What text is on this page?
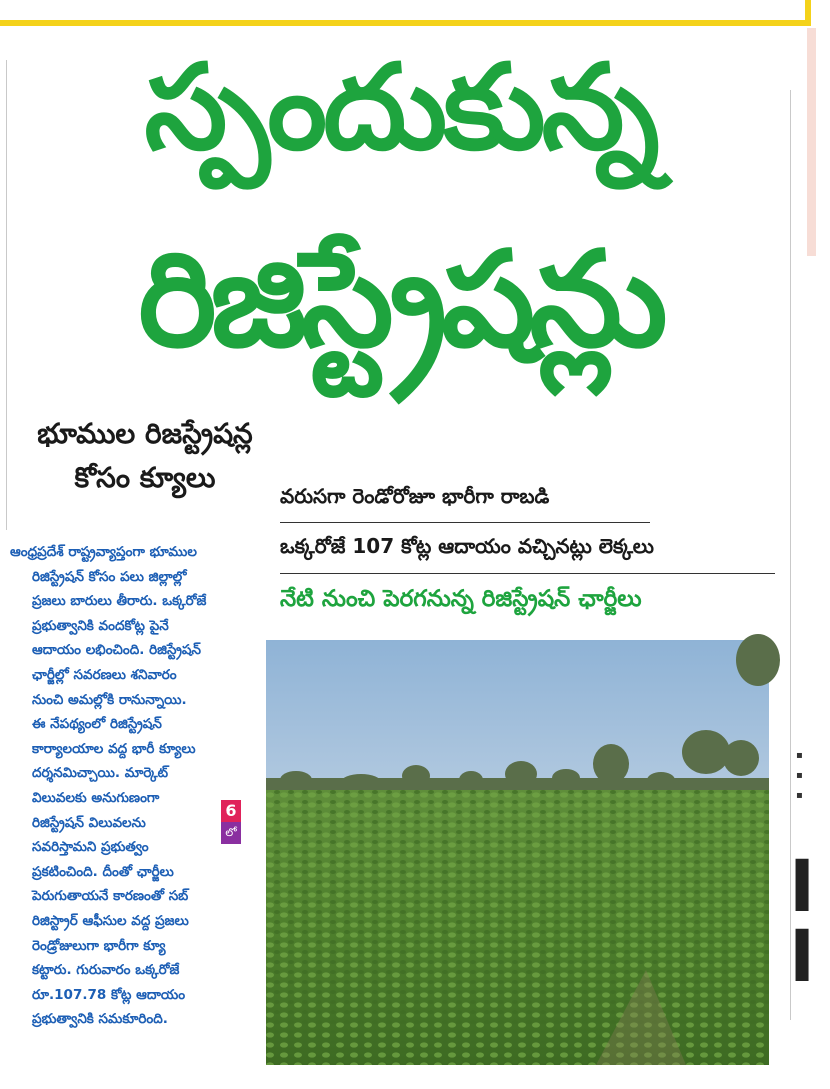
స్పందుకున్న
రిజిస్ట్రేషన్లు
భూముల రిజస్ట్రేషన్ల
కోసం క్యూలు
వరుసగా రెండోరోజూ భారీగా రాబడి
ఒక్కరోజే 107 కోట్ల ఆదాయం వచ్చినట్లు లెక్కలు
నేటి నుంచి పెరగనున్న రిజిస్ట్రేషన్ ఛార్జీలు

ఆంధ్రప్రదేశ్ రాష్ట్రవ్యాప్తంగా భూముల

రిజిస్ట్రేషన్ కోసం పలు జిల్లాల్లో

ప్రజలు బారులు తీరారు. ఒక్కరోజే

ప్రభుత్వానికి వందకోట్ల పైనే

ఆదాయం లభించింది. రిజిస్ట్రేషన్

ఛార్జీల్లో సవరణలు శనివారం

నుంచి అమల్లోకి రానున్నాయి.

ఈ నేపథ్యంలో రిజిస్ట్రేషన్

కార్యాలయాల వద్ద భారీ క్యూలు

దర్శనమిచ్చాయి. మార్కెట్

విలువలకు అనుగుణంగా

రిజిస్ట్రేషన్ విలువలను

సవరిస్తామని ప్రభుత్వం

ప్రకటించింది. దీంతో ఛార్జీలు

పెరుగుతాయనే కారణంతో సబ్

రిజిస్ట్రార్ ఆఫీసుల వద్ద ప్రజలు

రెండ్రోజులుగా భారీగా క్యూ

కట్టారు. గురువారం ఒక్కరోజే

రూ.107.78 కోట్ల ఆదాయం

ప్రభుత్వానికి సమకూరింది.

6
లో
▪
▪
▪
▍
▍
